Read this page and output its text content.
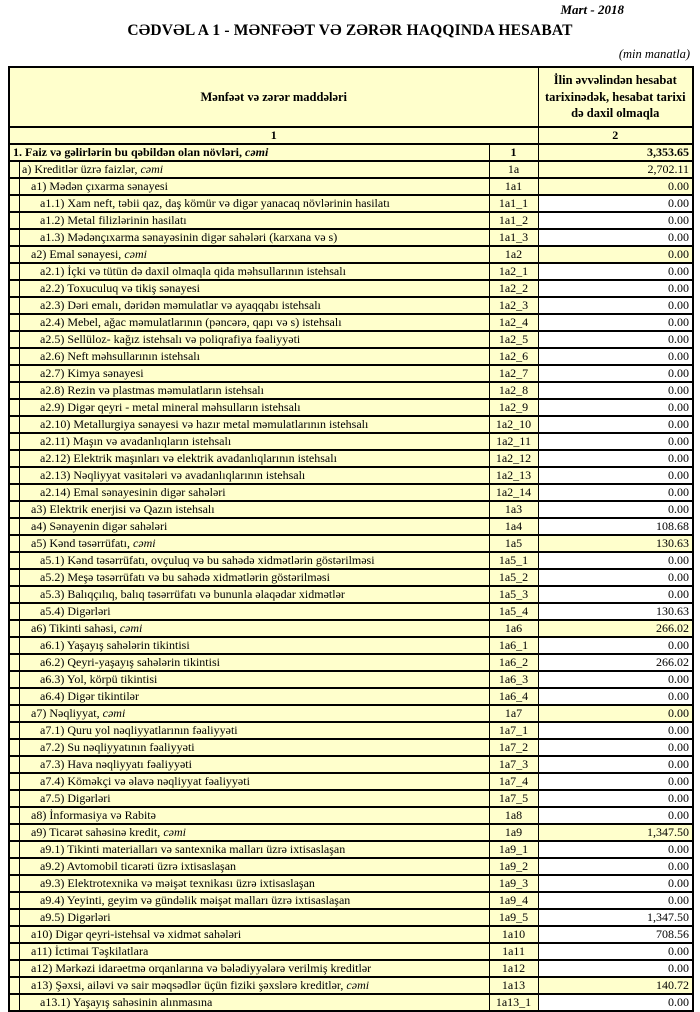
Mart - 2018
CƏDVƏL A 1 - MƏNFƏƏT VƏ ZƏRƏR HAQQINDA HESABAT
(min manatla)
Mənfəət və zərər maddələri		İlin əvvəlindən hesabat tarixinədək, hesabat tarixi də daxil olmaqla
1		2
1. Faiz və gəlirlərin bu qəbildən olan növləri, cəmi	1	3,353.65

a) Kreditlər üzrə faizlər, cəmi	1a	2,702.11

a1) Mədən çıxarma sənayesi	1a1	0.00

a1.1) Xam neft, təbii qaz, daş kömür və digər yanacaq növlərinin hasilatı	1a1_1	0.00

a1.2) Metal filizlərinin hasilatı	1a1_2	0.00

a1.3) Mədənçıxarma sənayəsinin digər sahələri (karxana və s)	1a1_3	0.00

a2) Emal sənayesi, cəmi	1a2	0.00

a2.1) İçki və tütün də daxil olmaqla qida məhsullarının istehsalı	1a2_1	0.00

a2.2) Toxuculuq və tikiş sənayesi	1a2_2	0.00

a2.3) Dəri emalı, dəridən məmulatlar və ayaqqabı istehsalı	1a2_3	0.00

a2.4) Mebel, ağac məmulatlarının (pəncərə, qapı və s) istehsalı	1a2_4	0.00

a2.5) Sellüloz- kağız istehsalı və poliqrafiya fəaliyyəti	1a2_5	0.00

a2.6) Neft məhsullarının istehsalı	1a2_6	0.00

a2.7) Kimya sənayesi	1a2_7	0.00

a2.8) Rezin və plastmas məmulatların istehsalı	1a2_8	0.00

a2.9) Digər qeyri - metal mineral məhsulların istehsalı	1a2_9	0.00

a2.10) Metallurgiya sənayesi və hazır metal məmulatlarının istehsalı	1a2_10	0.00

a2.11) Maşın və avadanlıqların istehsalı	1a2_11	0.00

a2.12) Elektrik maşınları və elektrik avadanlıqlarının istehsalı	1a2_12	0.00

a2.13) Nəqliyyat vasitələri və avadanlıqlarının istehsalı	1a2_13	0.00

a2.14) Emal sənayesinin digər sahələri	1a2_14	0.00

a3) Elektrik enerjisi və Qazın istehsalı	1a3	0.00

a4) Sənayenin digər sahələri	1a4	108.68

a5) Kənd təsərrüfatı, cəmi	1a5	130.63

a5.1) Kənd təsərrüfatı, ovçuluq və bu sahədə xidmətlərin göstərilməsi	1a5_1	0.00

a5.2) Meşə təsərrüfatı və bu sahədə xidmətlərin göstərilməsi	1a5_2	0.00

a5.3) Balıqçılıq, balıq təsərrüfatı və bununla əlaqədar xidmətlər	1a5_3	0.00

a5.4) Digərləri	1a5_4	130.63

a6) Tikinti sahəsi, cəmi	1a6	266.02

a6.1) Yaşayış sahələrin tikintisi	1a6_1	0.00

a6.2) Qeyri-yaşayış sahələrin tikintisi	1a6_2	266.02

a6.3) Yol, körpü tikintisi	1a6_3	0.00

a6.4) Digər tikintilər	1a6_4	0.00

a7) Nəqliyyat, cəmi	1a7	0.00

a7.1) Quru yol nəqliyyatlarının fəaliyyəti	1a7_1	0.00

a7.2) Su nəqliyyatının fəaliyyəti	1a7_2	0.00

a7.3) Hava nəqliyyatı fəaliyyəti	1a7_3	0.00

a7.4) Köməkçi və əlavə nəqliyyat fəaliyyəti	1a7_4	0.00

a7.5) Digərləri	1a7_5	0.00

a8) İnformasiya və Rabitə	1a8	0.00

a9) Ticarət sahəsinə kredit, cəmi	1a9	1,347.50

a9.1) Tikinti materialları və santexnika malları üzrə ixtisaslaşan	1a9_1	0.00

a9.2) Avtomobil ticarəti üzrə ixtisaslaşan	1a9_2	0.00

a9.3) Elektrotexnika və məişət texnikası üzrə ixtisaslaşan	1a9_3	0.00

a9.4) Yeyinti, geyim və gündəlik məişət malları üzrə ixtisaslaşan	1a9_4	0.00

a9.5) Digərləri	1a9_5	1,347.50

a10) Digər qeyri-istehsal və xidmət sahələri	1a10	708.56

a11) İctimai Təşkilatlara	1a11	0.00

a12) Mərkəzi idarəetmə orqanlarına və bələdiyyələrə verilmiş kreditlər	1a12	0.00

a13) Şəxsi, ailəvi və sair məqsədlər üçün fiziki şəxslərə kreditlər, cəmi	1a13	140.72

a13.1) Yaşayış sahəsinin alınmasına	1a13_1	0.00
